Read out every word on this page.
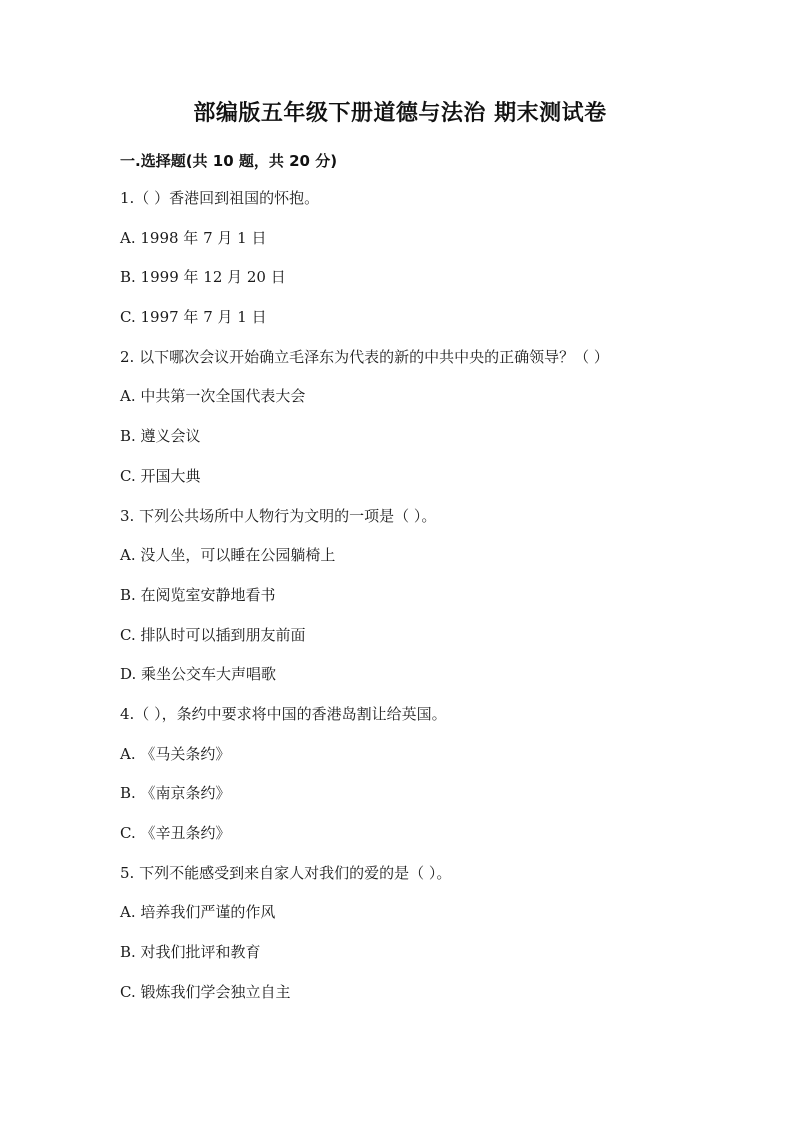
部编版五年级下册道德与法治 期末测试卷
一.选择题(共 10 题，共 20 分)
1.（ ）香港回到祖国的怀抱。
A. 1998 年 7 月 1 日
B. 1999 年 12 月 20 日
C. 1997 年 7 月 1 日
2. 以下哪次会议开始确立毛泽东为代表的新的中共中央的正确领导？（ ）
A. 中共第一次全国代表大会
B. 遵义会议
C. 开国大典
3. 下列公共场所中人物行为文明的一项是（ ）。
A. 没人坐，可以睡在公园躺椅上
B. 在阅览室安静地看书
C. 排队时可以插到朋友前面
D. 乘坐公交车大声唱歌
4.（ ），条约中要求将中国的香港岛割让给英国。
A. 《马关条约》
B. 《南京条约》
C. 《辛丑条约》
5. 下列不能感受到来自家人对我们的爱的是（ ）。
A. 培养我们严谨的作风
B. 对我们批评和教育
C. 锻炼我们学会独立自主
